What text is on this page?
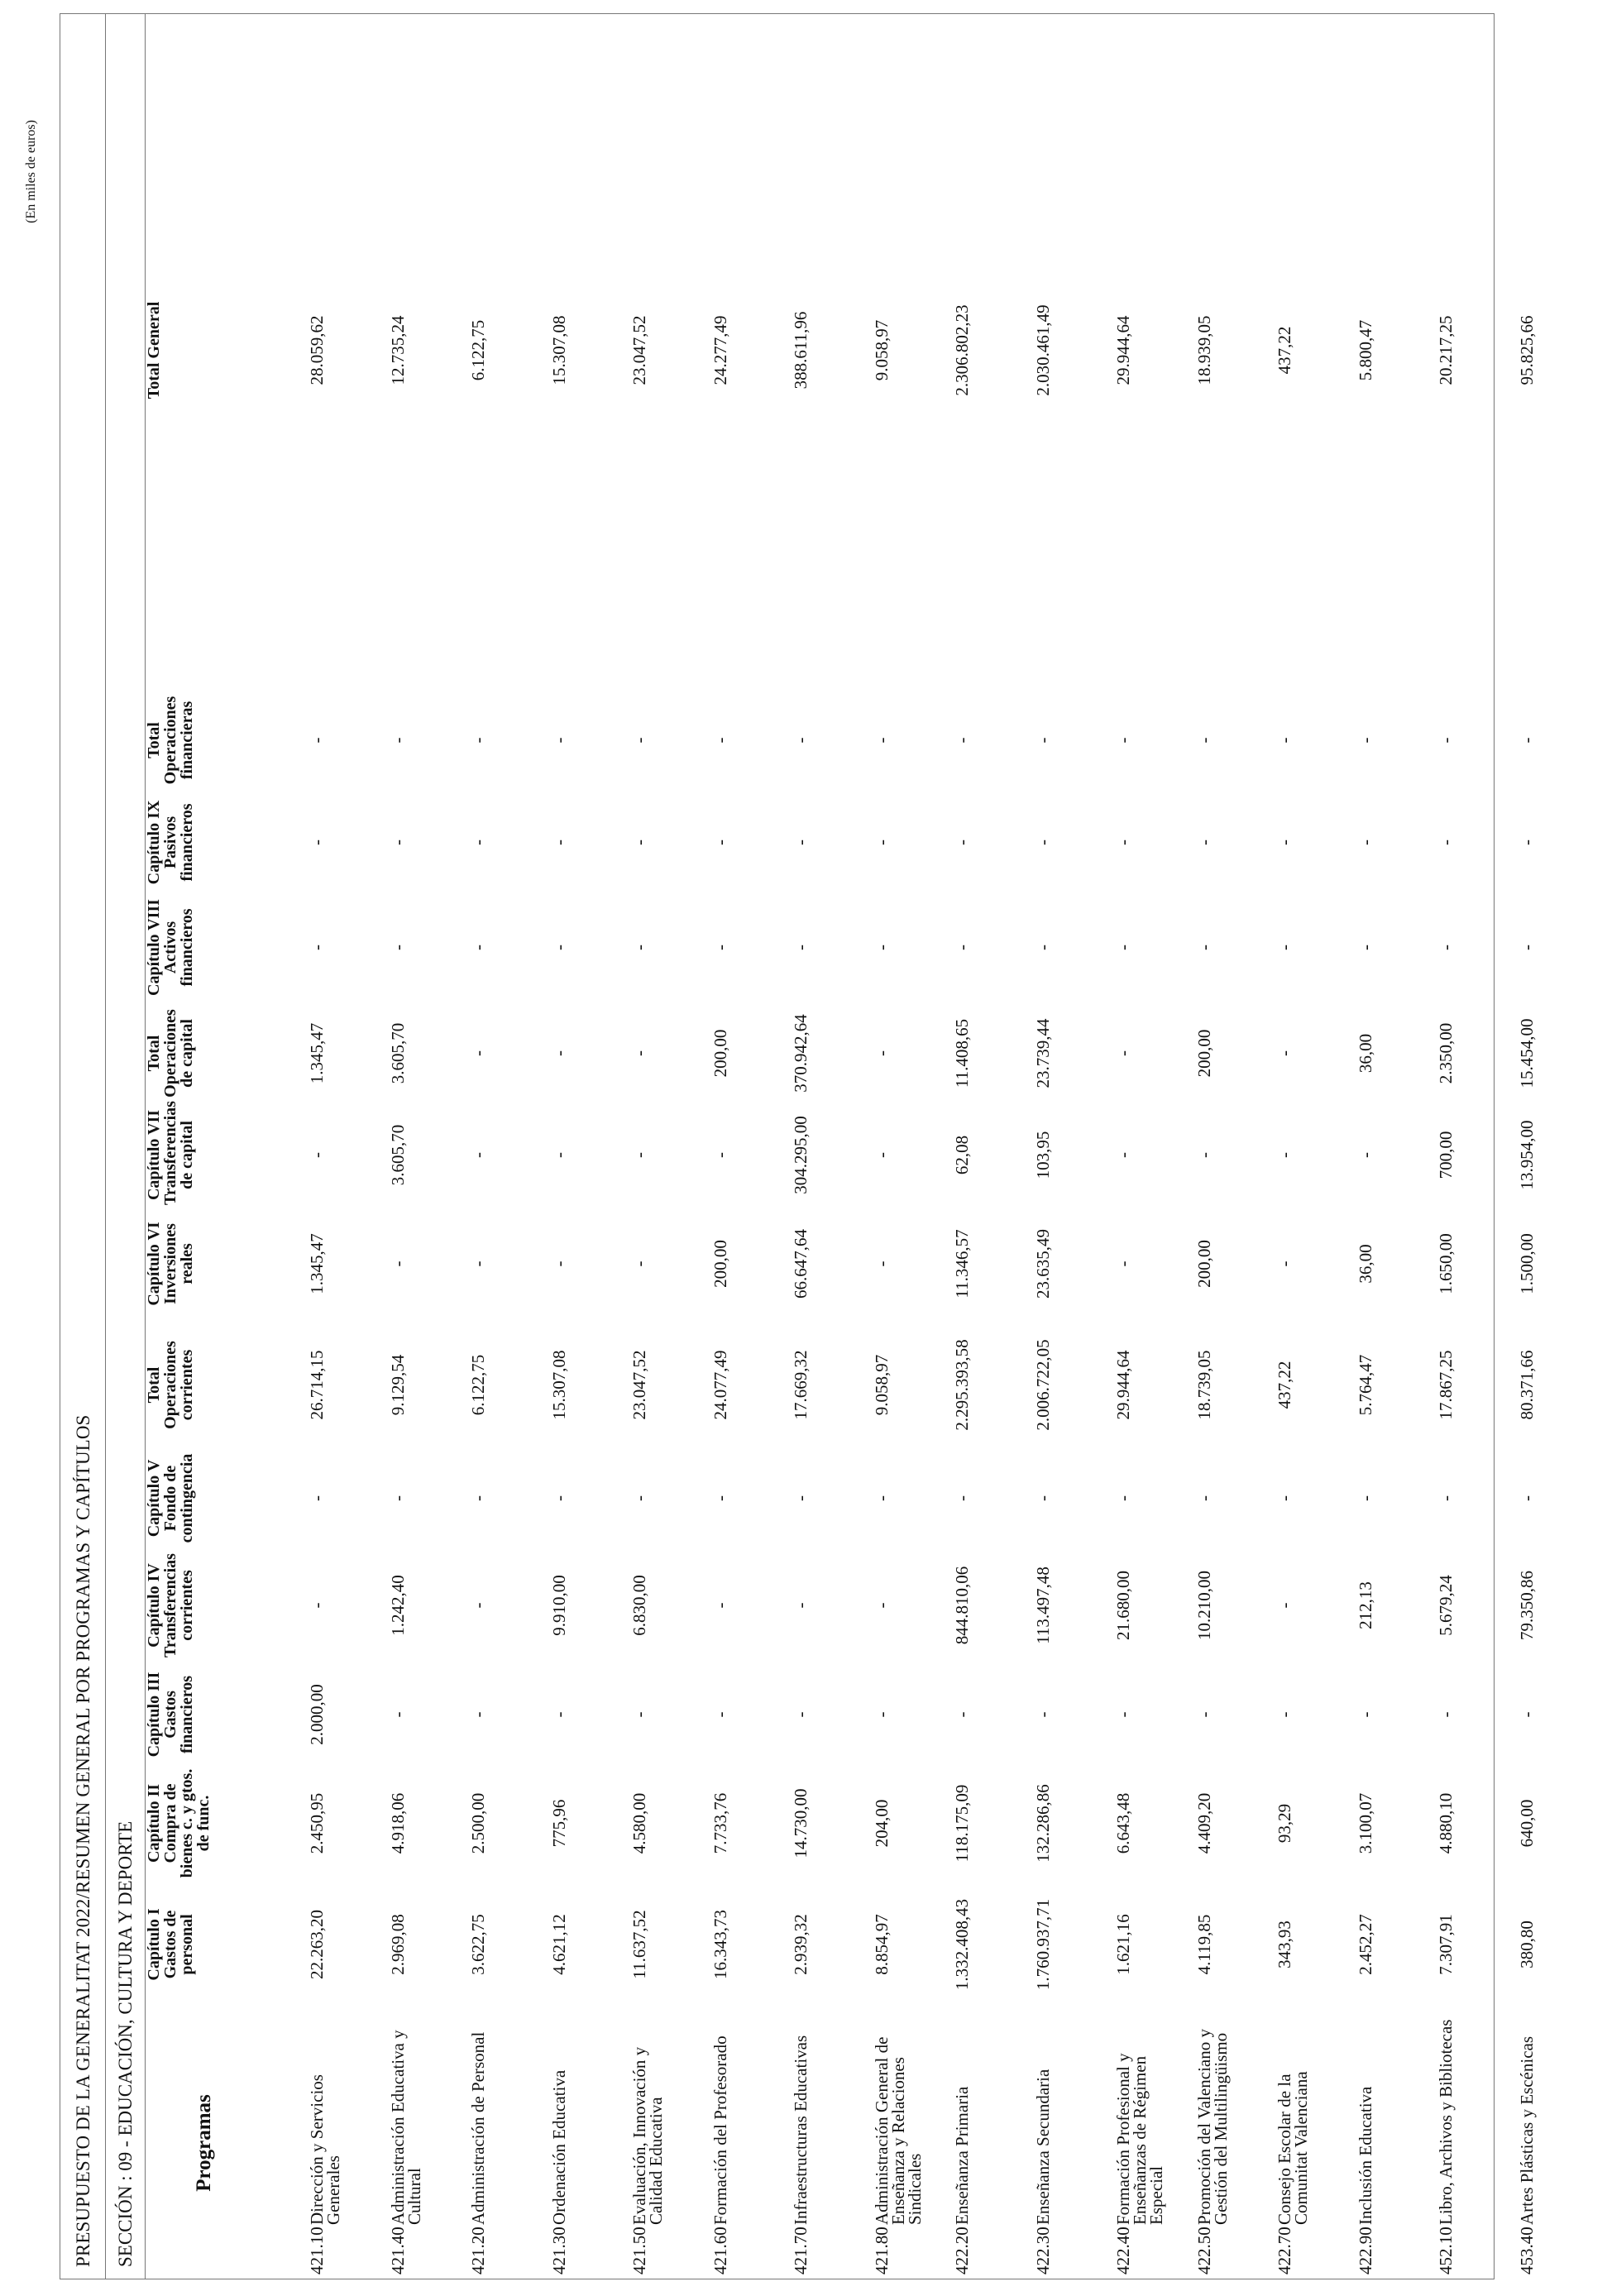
(En miles de euros)
PRESUPUESTO DE LA GENERALITAT 2022/RESUMEN GENERAL POR PROGRAMAS Y CAPÍTULOS	SECCIÓN : 09 - EDUCACIÓN, CULTURA Y DEPORTE	Programas		Capítulo I Gastos de personal	Capítulo II Compra de bienes c. y gtos. de func.	Capítulo III Gastos financieros	Capítulo IV Transferencias corrientes	Capítulo V Fondo de contingencia	Total Operaciones corrientes	Capítulo VI Inversiones reales	Capítulo VII Transferencias de capital	Total Operaciones de capital	Capítulo VIII Activos financieros	Capítulo IX Pasivos financieros	Total Operaciones financieras	Total General
421.10	Dirección y Servicios Generales	22.263,20	2.450,95	2.000,00	-	-	26.714,15	1.345,47	-	1.345,47	-	-	-	28.059,62
421.40	Administración Educativa y Cultural	2.969,08	4.918,06	-	1.242,40	-	9.129,54	-	3.605,70	3.605,70	-	-	-	12.735,24
421.20	Administración de Personal	3.622,75	2.500,00	-	-	-	6.122,75	-	-	-	-	-	-	6.122,75
421.30	Ordenación Educativa	4.621,12	775,96	-	9.910,00	-	15.307,08	-	-	-	-	-	-	15.307,08
421.50	Evaluación, Innovación y Calidad Educativa	11.637,52	4.580,00	-	6.830,00	-	23.047,52	-	-	-	-	-	-	23.047,52
421.60	Formación del Profesorado	16.343,73	7.733,76	-	-	-	24.077,49	200,00	-	200,00	-	-	-	24.277,49
421.70	Infraestructuras Educativas	2.939,32	14.730,00	-	-	-	17.669,32	66.647,64	304.295,00	370.942,64	-	-	-	388.611,96
421.80	Administración General de Enseñanza y Relaciones Sindicales	8.854,97	204,00	-	-	-	9.058,97	-	-	-	-	-	-	9.058,97
422.20	Enseñanza Primaria	1.332.408,43	118.175,09	-	844.810,06	-	2.295.393,58	11.346,57	62,08	11.408,65	-	-	-	2.306.802,23
422.30	Enseñanza Secundaria	1.760.937,71	132.286,86	-	113.497,48	-	2.006.722,05	23.635,49	103,95	23.739,44	-	-	-	2.030.461,49
422.40	Formación Profesional y Enseñanzas de Régimen Especial	1.621,16	6.643,48	-	21.680,00	-	29.944,64	-	-	-	-	-	-	29.944,64
422.50	Promoción del Valenciano y Gestión del Multilingüismo	4.119,85	4.409,20	-	10.210,00	-	18.739,05	200,00	-	200,00	-	-	-	18.939,05
422.70	Consejo Escolar de la Comunitat Valenciana	343,93	93,29	-	-	-	437,22	-	-	-	-	-	-	437,22
422.90	Inclusión Educativa	2.452,27	3.100,07	-	212,13	-	5.764,47	36,00	-	36,00	-	-	-	5.800,47
452.10	Libro, Archivos y Bibliotecas	7.307,91	4.880,10	-	5.679,24	-	17.867,25	1.650,00	700,00	2.350,00	-	-	-	20.217,25
453.40	Artes Plásticas y Escénicas	380,80	640,00	-	79.350,86	-	80.371,66	1.500,00	13.954,00	15.454,00	-	-	-	95.825,66
